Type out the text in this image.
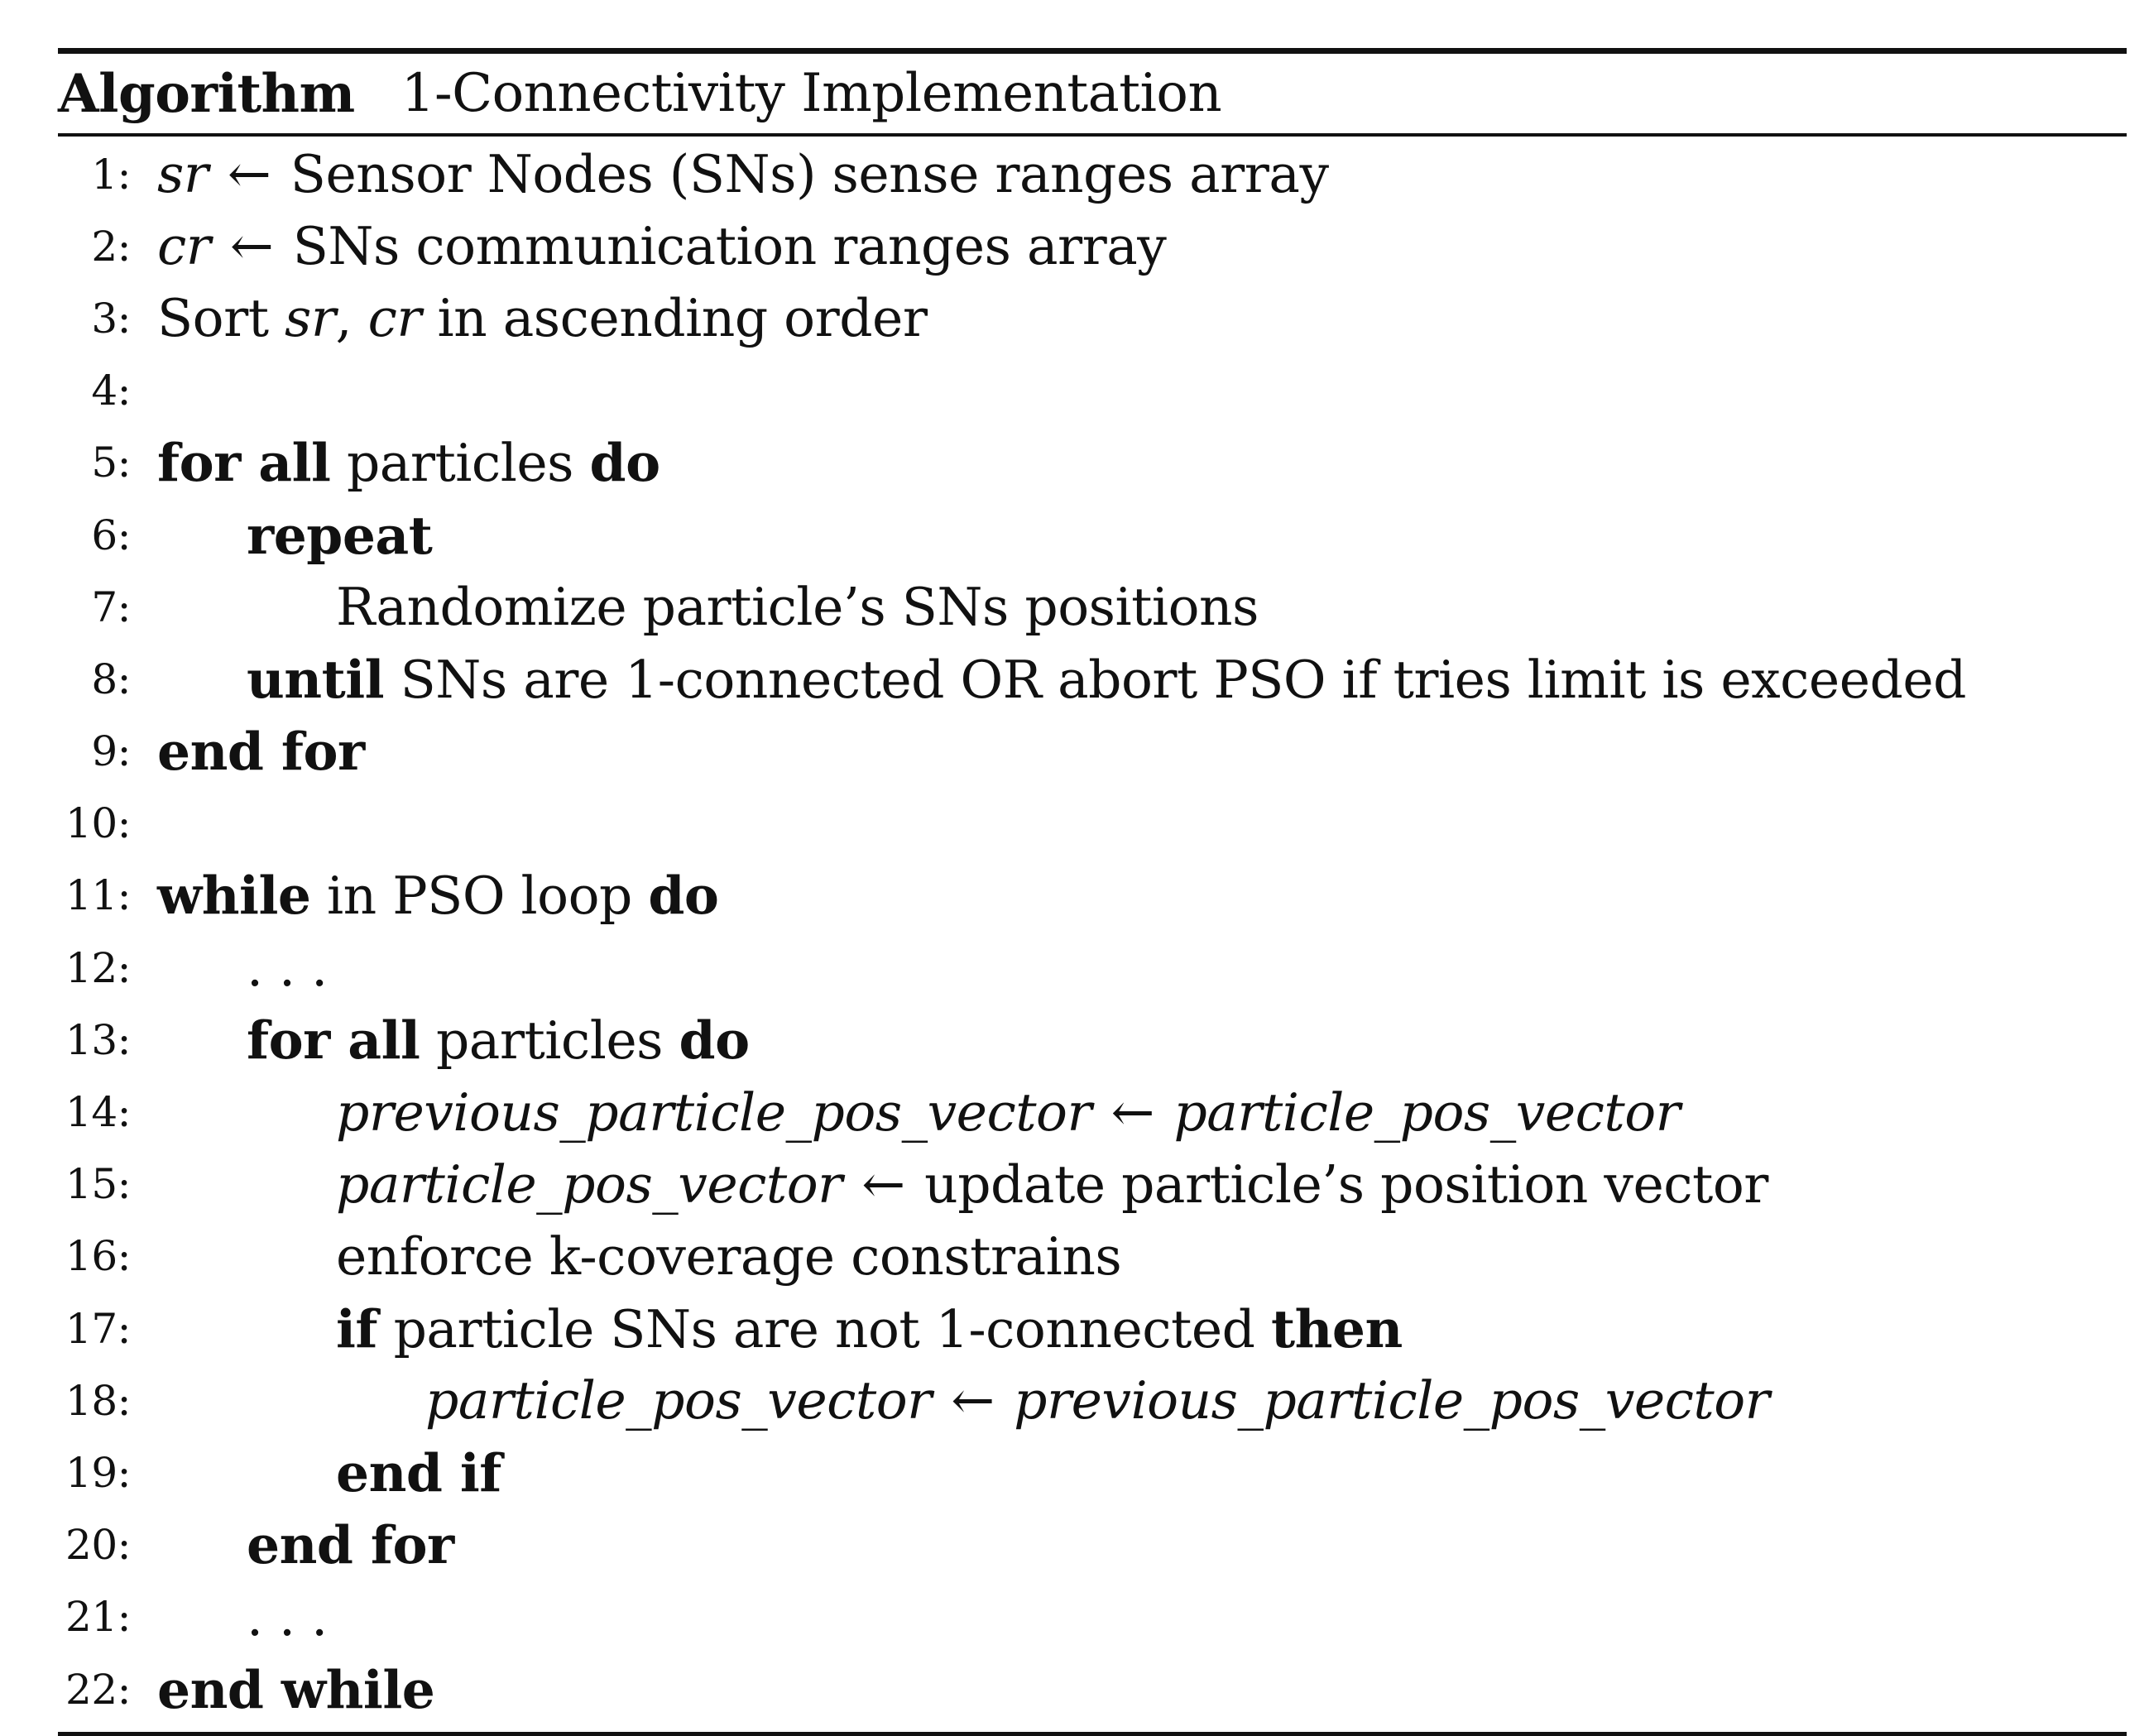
Algorithm 1-Connectivity Implementation
1: sr
← Sensor Nodes (SNs) sense ranges array
2: cr
← SNs communication ranges array
3: Sort sr , cr in ascending order
4:
5: for all particles do
6: repeat
7:	Randomize particle’s SNs positions
8: until SNs are 1-connected OR abort PSO if tries limit is exceeded
9: end for
10:
11: while in PSO loop do
12: . . .
13: for all particles do
14:	previous_particle_pos_vector
←
particle_pos_vector
15:	particle_pos_vector
← update particle’s position vector
16:	enforce k-coverage constrains
17:	if particle SNs are not 1-connected then
18:	particle_pos_vector
←
previous_particle_pos_vector
19:	end if
20: end for
21: . . .
22: end while
